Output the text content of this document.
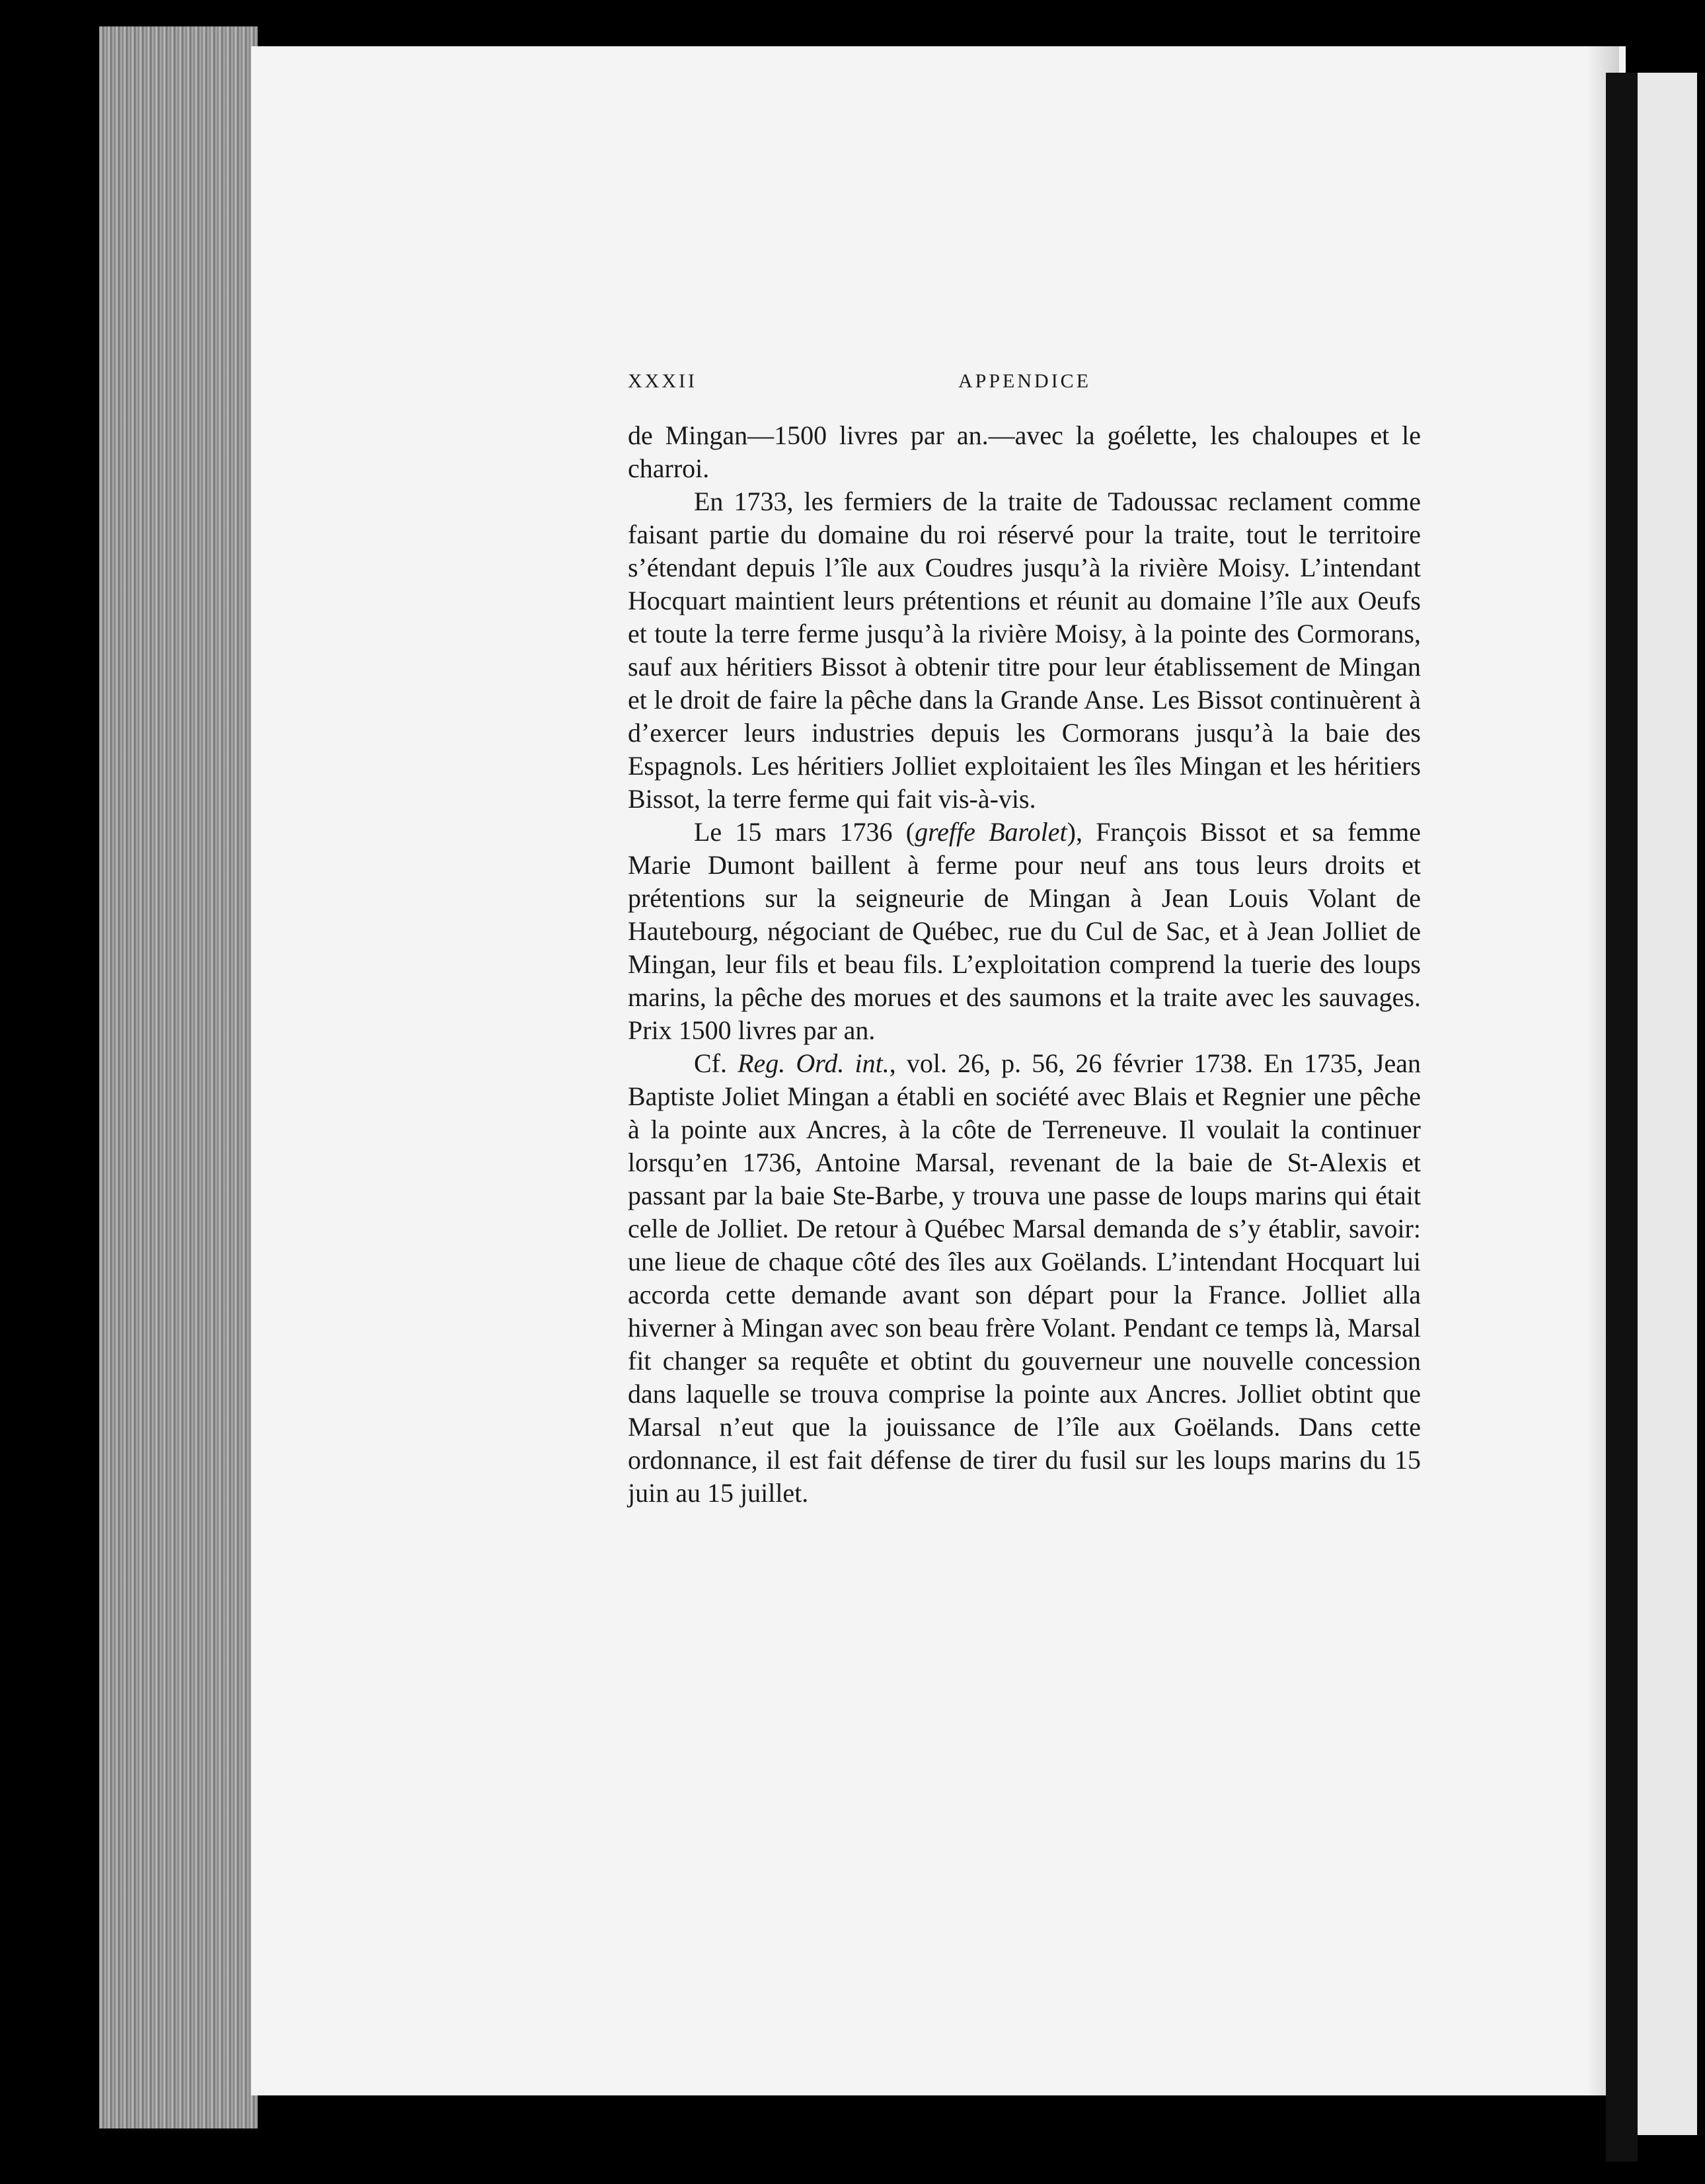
XXXII	APPENDICE

de Mingan—1500 livres par an.—avec la goélette, les chaloupes et le charroi.

En 1733, les fermiers de la traite de Tadoussac reclament comme faisant partie du domaine du roi réservé pour la traite, tout le territoire s’étendant depuis l’île aux Coudres jusqu’à la rivière Moisy. L’intendant Hocquart maintient leurs prétentions et réunit au domaine l’île aux Oeufs et toute la terre ferme jusqu’à la rivière Moisy, à la pointe des Cormorans, sauf aux héritiers Bissot à obtenir titre pour leur établissement de Mingan et le droit de faire la pêche dans la Grande Anse. Les Bissot continuèrent à d’exercer leurs industries depuis les Cormorans jusqu’à la baie des Espagnols. Les héritiers Jolliet exploitaient les îles Mingan et les héritiers Bissot, la terre ferme qui fait vis-à-vis.

Le 15 mars 1736 (greffe Barolet), François Bissot et sa femme Marie Dumont baillent à ferme pour neuf ans tous leurs droits et prétentions sur la seigneurie de Mingan à Jean Louis Volant de Hautebourg, négociant de Québec, rue du Cul de Sac, et à Jean Jolliet de Mingan, leur fils et beau fils. L’exploitation comprend la tuerie des loups marins, la pêche des morues et des saumons et la traite avec les sauvages. Prix 1500 livres par an.

Cf. Reg. Ord. int., vol. 26, p. 56, 26 février 1738. En 1735, Jean Baptiste Joliet Mingan a établi en société avec Blais et Regnier une pêche à la pointe aux Ancres, à la côte de Terreneuve. Il voulait la continuer lorsqu’en 1736, Antoine Marsal, revenant de la baie de St-Alexis et passant par la baie Ste-Barbe, y trouva une passe de loups marins qui était celle de Jolliet. De retour à Québec Marsal demanda de s’y établir, savoir: une lieue de chaque côté des îles aux Goëlands. L’intendant Hocquart lui accorda cette demande avant son départ pour la France. Jolliet alla hiverner à Mingan avec son beau frère Volant. Pendant ce temps là, Marsal fit changer sa requête et obtint du gouverneur une nouvelle concession dans laquelle se trouva comprise la pointe aux Ancres. Jolliet obtint que Marsal n’eut que la jouissance de l’île aux Goëlands. Dans cette ordonnance, il est fait défense de tirer du fusil sur les loups marins du 15 juin au 15 juillet.
